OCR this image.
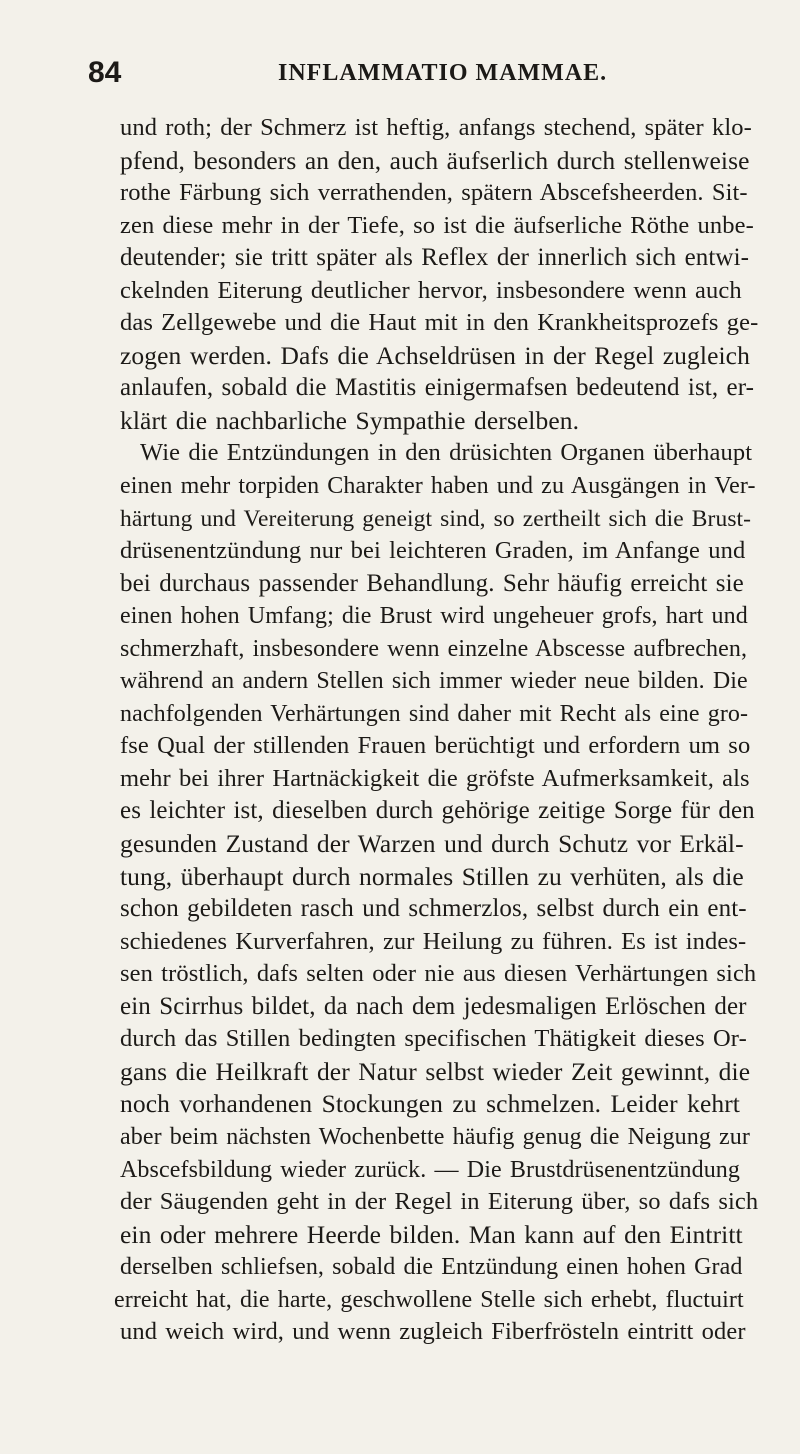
84	INFLAMMATIO MAMMAE.
und roth; der Schmerz ist heftig, anfangs stechend, später klo-
pfend, besonders an den, auch äufserlich durch stellenweise
rothe Färbung sich verrathenden, spätern Abscefsheerden. Sit-
zen diese mehr in der Tiefe, so ist die äufserliche Röthe unbe-
deutender; sie tritt später als Reflex der innerlich sich entwi-
ckelnden Eiterung deutlicher hervor, insbesondere wenn auch
das Zellgewebe und die Haut mit in den Krankheitsprozefs ge-
zogen werden. Dafs die Achseldrüsen in der Regel zugleich
anlaufen, sobald die Mastitis einigermafsen bedeutend ist, er-
klärt die nachbarliche Sympathie derselben.
Wie die Entzündungen in den drüsichten Organen überhaupt
einen mehr torpiden Charakter haben und zu Ausgängen in Ver-
härtung und Vereiterung geneigt sind, so zertheilt sich die Brust-
drüsenentzündung nur bei leichteren Graden, im Anfange und
bei durchaus passender Behandlung. Sehr häufig erreicht sie
einen hohen Umfang; die Brust wird ungeheuer grofs, hart und
schmerzhaft, insbesondere wenn einzelne Abscesse aufbrechen,
während an andern Stellen sich immer wieder neue bilden. Die
nachfolgenden Verhärtungen sind daher mit Recht als eine gro-
fse Qual der stillenden Frauen berüchtigt und erfordern um so
mehr bei ihrer Hartnäckigkeit die gröfste Aufmerksamkeit, als
es leichter ist, dieselben durch gehörige zeitige Sorge für den
gesunden Zustand der Warzen und durch Schutz vor Erkäl-
tung, überhaupt durch normales Stillen zu verhüten, als die
schon gebildeten rasch und schmerzlos, selbst durch ein ent-
schiedenes Kurverfahren, zur Heilung zu führen. Es ist indes-
sen tröstlich, dafs selten oder nie aus diesen Verhärtungen sich
ein Scirrhus bildet, da nach dem jedesmaligen Erlöschen der
durch das Stillen bedingten specifischen Thätigkeit dieses Or-
gans die Heilkraft der Natur selbst wieder Zeit gewinnt, die
noch vorhandenen Stockungen zu schmelzen. Leider kehrt
aber beim nächsten Wochenbette häufig genug die Neigung zur
Abscefsbildung wieder zurück. — Die Brustdrüsenentzündung
der Säugenden geht in der Regel in Eiterung über, so dafs sich
ein oder mehrere Heerde bilden. Man kann auf den Eintritt
derselben schliefsen, sobald die Entzündung einen hohen Grad
erreicht hat, die harte, geschwollene Stelle sich erhebt, fluctuirt
und weich wird, und wenn zugleich Fiberfrösteln eintritt oder
